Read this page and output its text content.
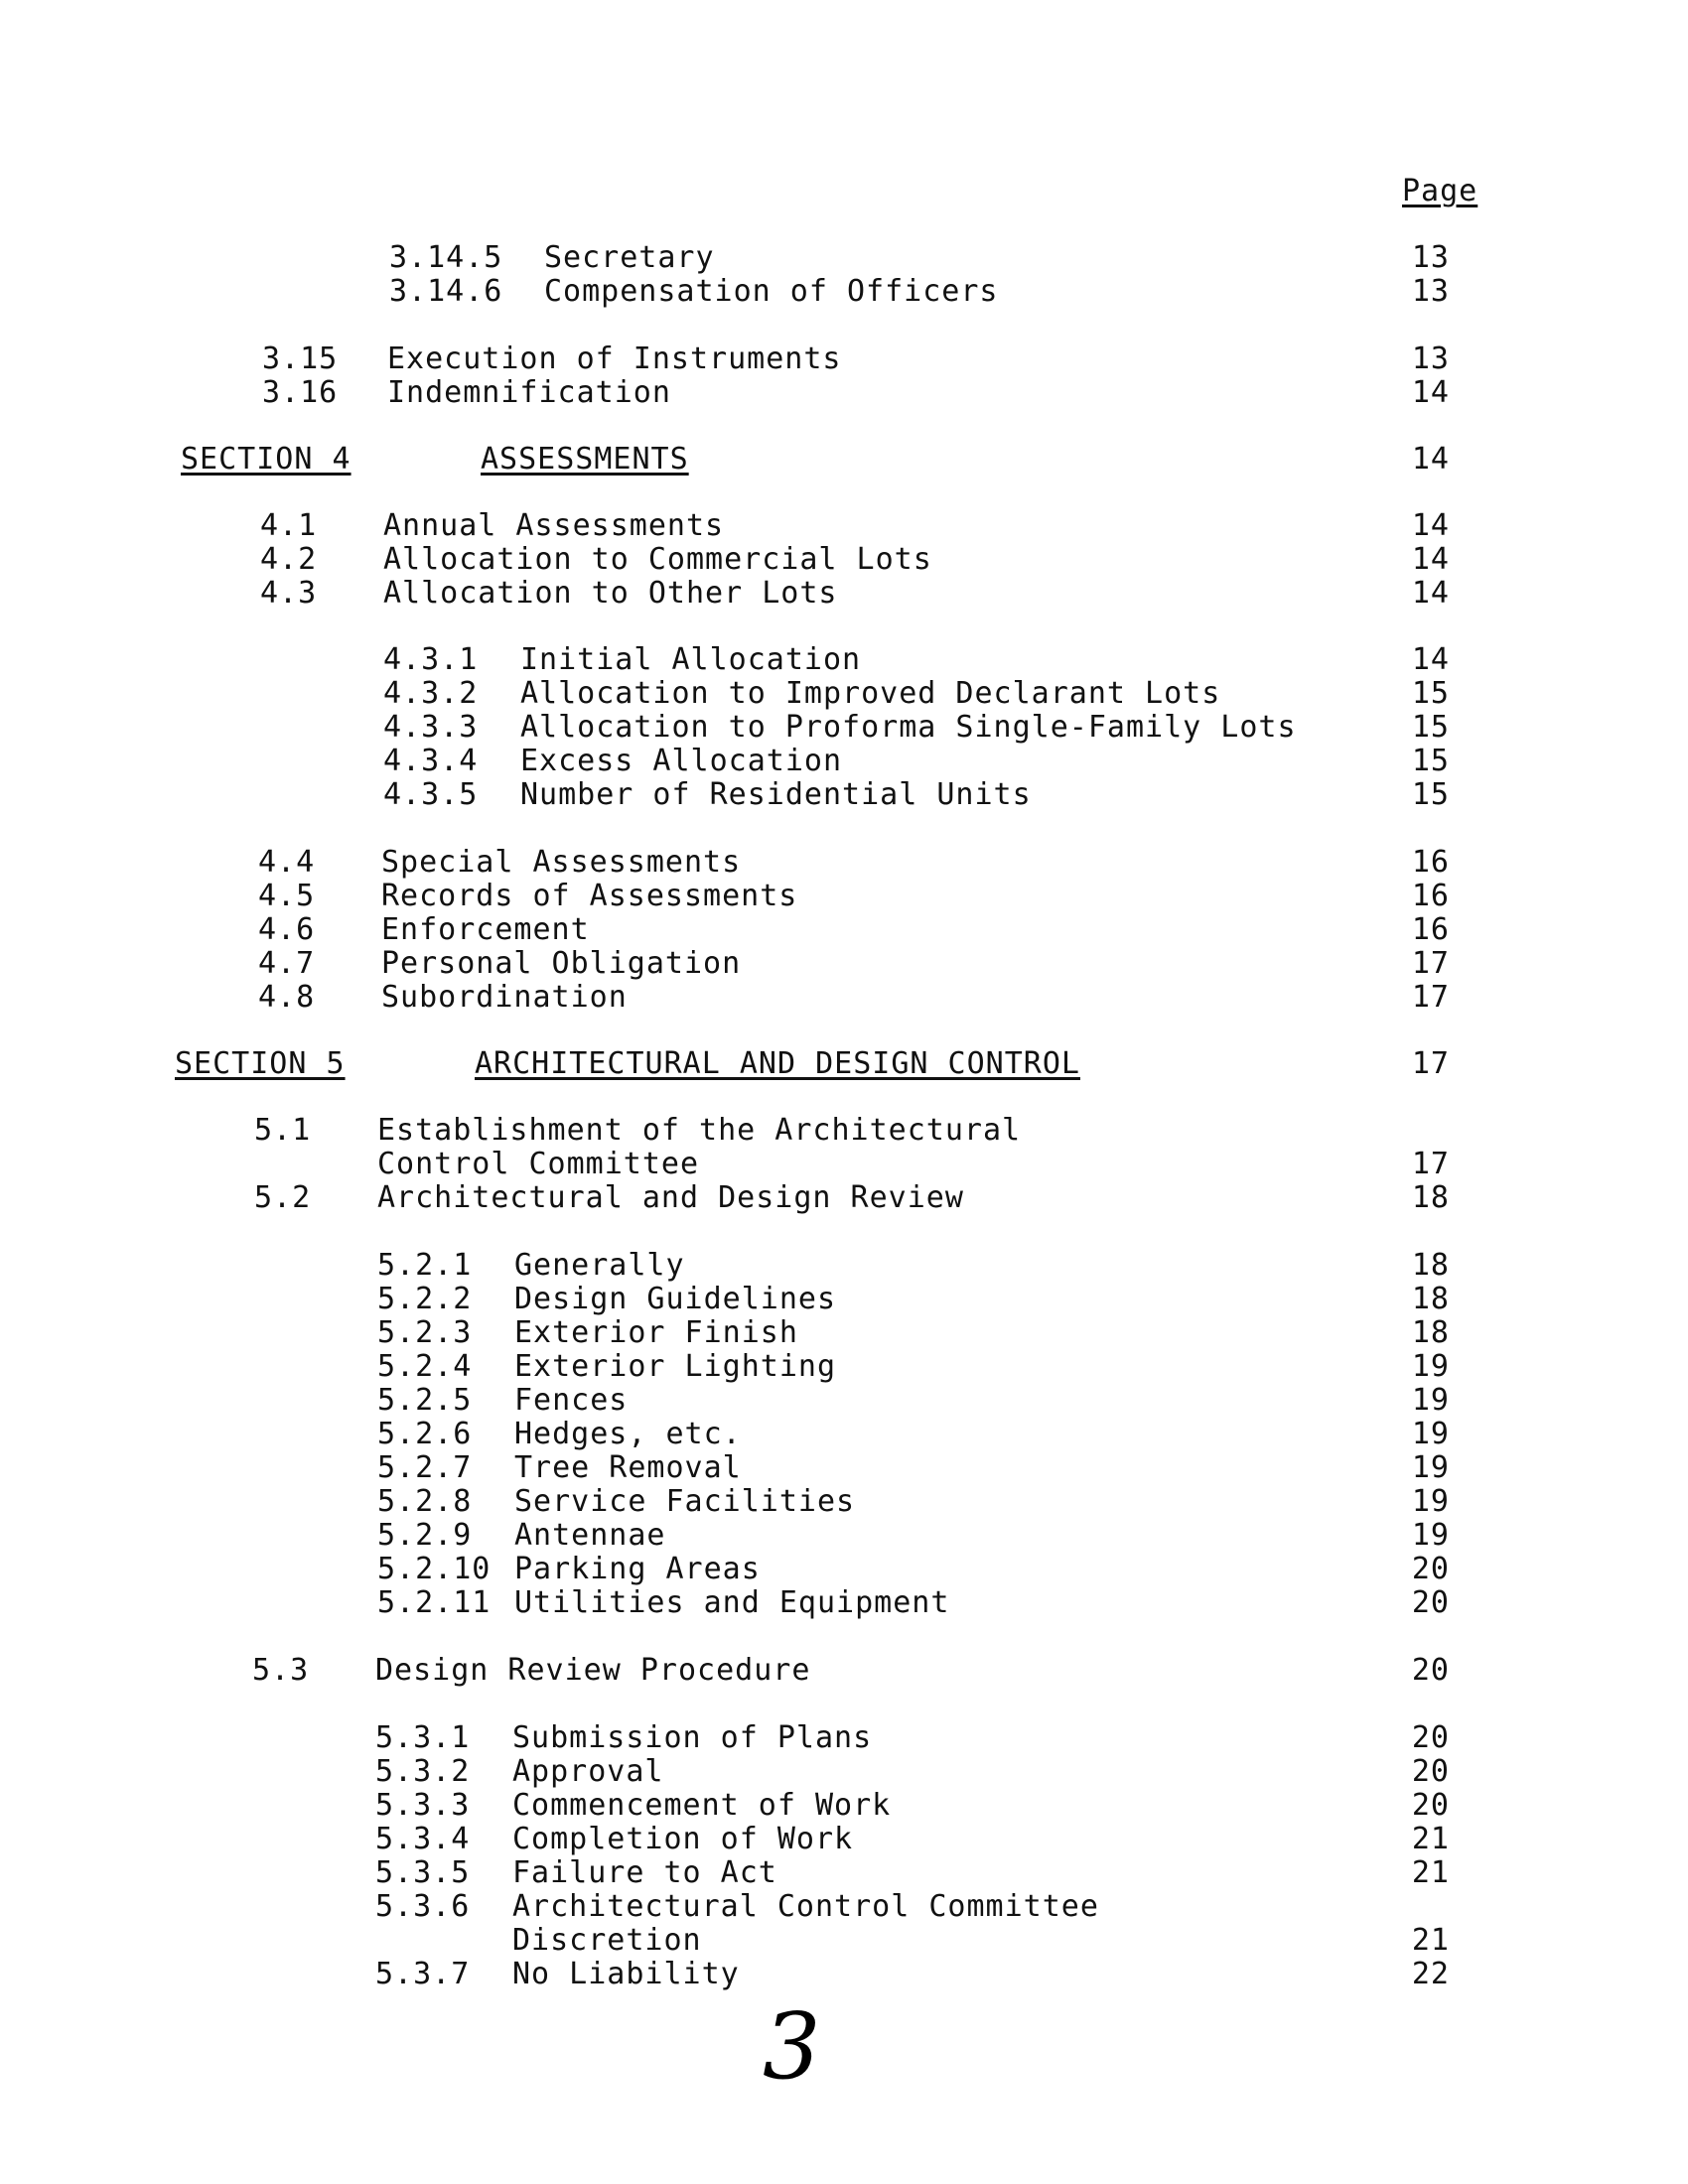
Page
3.14.5 Secretary	13
3.14.6 Compensation of Officers	13
3.15 Execution of Instruments	13
3.16 Indemnification	14
SECTION 4	ASSESSMENTS	14
4.1 Annual Assessments	14
4.2 Allocation to Commercial Lots	14
4.3 Allocation to Other Lots	14
4.3.1 Initial Allocation	14
4.3.2 Allocation to Improved Declarant Lots	15
4.3.3 Allocation to Proforma Single-Family Lots	15
4.3.4 Excess Allocation	15
4.3.5 Number of Residential Units	15
4.4 Special Assessments	16
4.5 Records of Assessments	16
4.6 Enforcement	16
4.7 Personal Obligation	17
4.8 Subordination	17
SECTION 5	ARCHITECTURAL AND DESIGN CONTROL	17
5.1 Establishment of the Architectural
Control Committee	17
5.2 Architectural and Design Review	18
5.2.1 Generally	18
5.2.2 Design Guidelines	18
5.2.3 Exterior Finish	18
5.2.4 Exterior Lighting	19
5.2.5 Fences	19
5.2.6 Hedges, etc.	19
5.2.7 Tree Removal	19
5.2.8 Service Facilities	19
5.2.9 Antennae	19
5.2.10 Parking Areas	20
5.2.11 Utilities and Equipment	20
5.3 Design Review Procedure	20
5.3.1 Submission of Plans	20
5.3.2 Approval	20
5.3.3 Commencement of Work	20
5.3.4 Completion of Work	21
5.3.5 Failure to Act	21
5.3.6 Architectural Control Committee
Discretion	21
5.3.7 No Liability	22
3
